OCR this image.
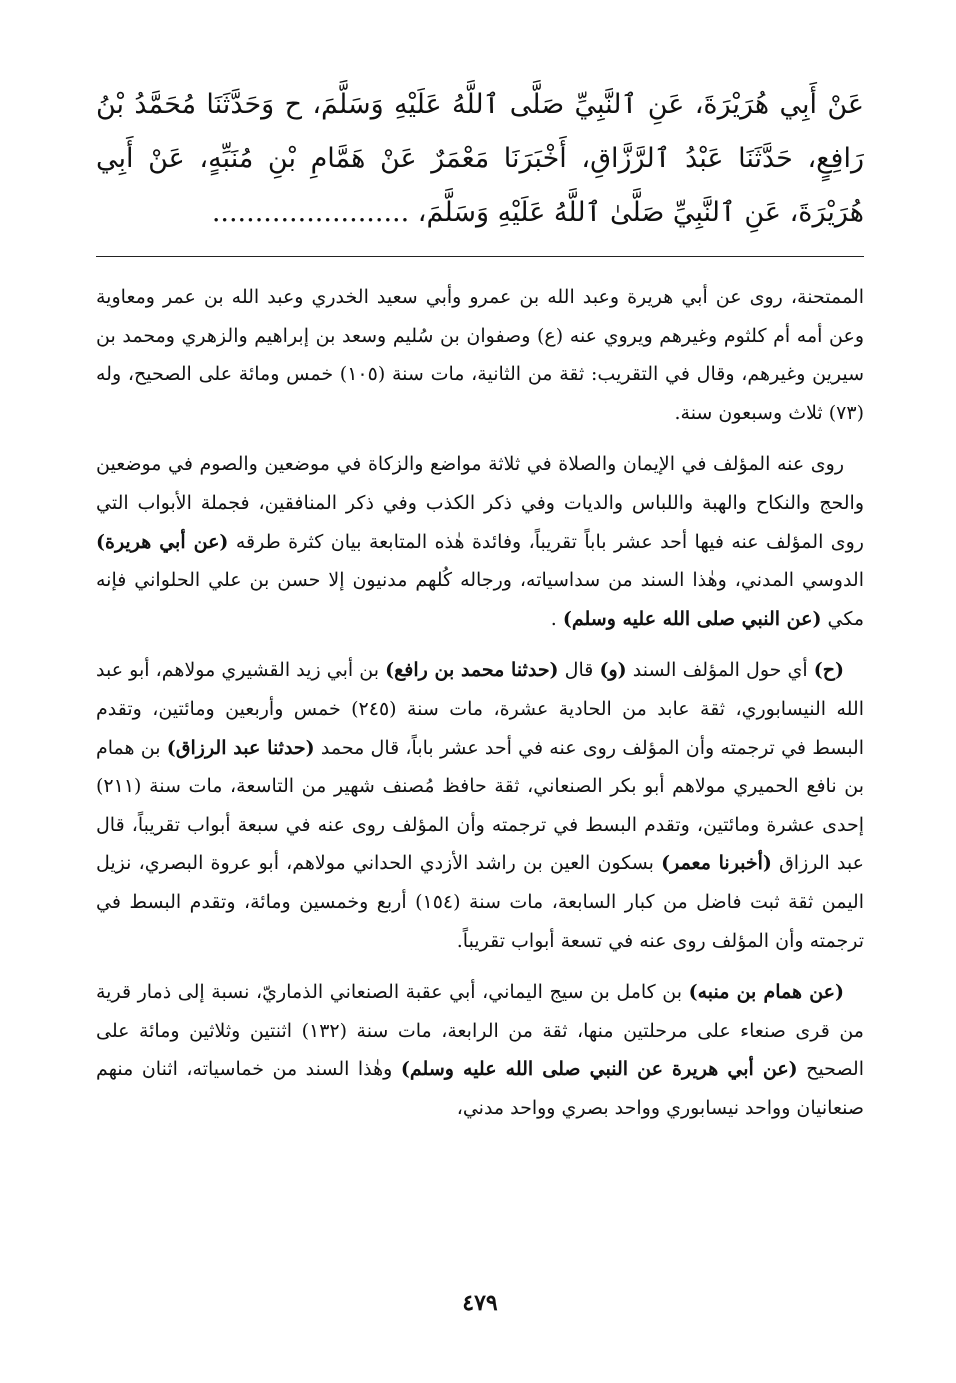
عَنْ أَبِي هُرَيْرَةَ، عَنِ ٱلنَّبِيِّ صَلَّى ٱللَّهُ عَلَيْهِ وَسَلَّمَ، ح وَحَدَّثَنَا مُحَمَّدُ بْنُ رَافِعٍ، حَدَّثَنَا عَبْدُ ٱلرَّزَّاقِ، أَخْبَرَنَا مَعْمَرٌ عَنْ هَمَّامِ بْنِ مُنَبِّهٍ، عَنْ أَبِي هُرَيْرَةَ، عَنِ ٱلنَّبِيِّ صَلَّىٰ ٱللَّهُ عَلَيْهِ وَسَلَّمَ، .......................

الممتحنة، روى عن أبي هريرة وعبد الله بن عمرو وأبي سعيد الخدري وعبد الله بن عمر ومعاوية وعن أمه أم كلثوم وغيرهم ويروي عنه (ع) وصفوان بن سُليم وسعد بن إبراهيم والزهري ومحمد بن سيرين وغيرهم، وقال في التقريب: ثقة من الثانية، مات سنة (١٠٥) خمس ومائة على الصحيح، وله (٧٣) ثلاث وسبعون سنة.

روى عنه المؤلف في الإيمان والصلاة في ثلاثة مواضع والزكاة في موضعين والصوم في موضعين والحج والنكاح والهبة واللباس والديات وفي ذكر الكذب وفي ذكر المنافقين، فجملة الأبواب التي روى المؤلف عنه فيها أحد عشر باباً تقريباً، وفائدة هٰذه المتابعة بيان كثرة طرقه (عن أبي هريرة) الدوسي المدني، وهٰذا السند من سداسياته، ورجاله كُلهم مدنيون إلا حسن بن علي الحلواني فإنه مكي (عن النبي صلى الله عليه وسلم) .

(ح) أي حول المؤلف السند (و) قال (حدثنا محمد بن رافع) بن أبي زيد القشيري مولاهم، أبو عبد الله النيسابوري، ثقة عابد من الحادية عشرة، مات سنة (٢٤٥) خمس وأربعين ومائتين، وتقدم البسط في ترجمته وأن المؤلف روى عنه في أحد عشر باباً، قال محمد (حدثنا عبد الرزاق) بن همام بن نافع الحميري مولاهم أبو بكر الصنعاني، ثقة حافظ مُصنف شهير من التاسعة، مات سنة (٢١١) إحدى عشرة ومائتين، وتقدم البسط في ترجمته وأن المؤلف روى عنه في سبعة أبواب تقريباً، قال عبد الرزاق (أخبرنا معمر) بسكون العين بن راشد الأزدي الحداني مولاهم، أبو عروة البصري، نزيل اليمن ثقة ثبت فاضل من كبار السابعة، مات سنة (١٥٤) أربع وخمسين ومائة، وتقدم البسط في ترجمته وأن المؤلف روى عنه في تسعة أبواب تقريباً.

(عن همام بن منبه) بن كامل بن سيج اليماني، أبي عقبة الصنعاني الذماريّ، نسبة إلى ذمار قرية من قرى صنعاء على مرحلتين منها، ثقة من الرابعة، مات سنة (١٣٢) اثنتين وثلاثين ومائة على الصحيح (عن أبي هريرة عن النبي صلى الله عليه وسلم) وهٰذا السند من خماسياته، اثنان منهم صنعانيان وواحد نيسابوري وواحد بصري وواحد مدني،

٤٧٩
